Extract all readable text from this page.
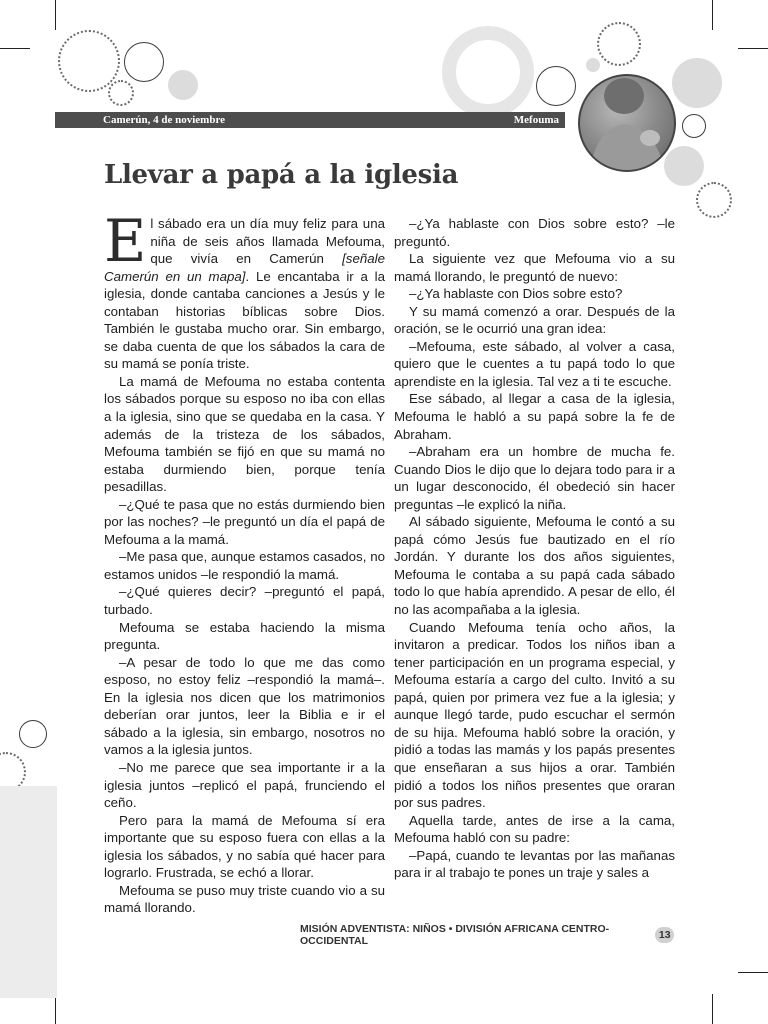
Camerún, 4 de noviembre	Mefouma
Llevar a papá a la iglesia

El sábado era un día muy feliz para una niña de seis años llamada Mefouma, que vivía en Camerún [señale Camerún en un mapa]. Le encantaba ir a la iglesia, donde cantaba canciones a Jesús y le contaban historias bíblicas sobre Dios. También le gustaba mucho orar. Sin embargo, se daba cuenta de que los sábados la cara de su mamá se ponía triste.

La mamá de Mefouma no estaba contenta los sábados porque su esposo no iba con ellas a la iglesia, sino que se quedaba en la casa. Y además de la tristeza de los sábados, Mefouma también se fijó en que su mamá no estaba durmiendo bien, porque tenía pesadillas.

–¿Qué te pasa que no estás durmiendo bien por las noches? –le preguntó un día el papá de Mefouma a la mamá.

–Me pasa que, aunque estamos casados, no estamos unidos –le respondió la mamá.

–¿Qué quieres decir? –preguntó el papá, turbado.

Mefouma se estaba haciendo la misma pregunta.

–A pesar de todo lo que me das como esposo, no estoy feliz –respondió la mamá–. En la iglesia nos dicen que los matrimonios deberían orar juntos, leer la Biblia e ir el sábado a la iglesia, sin embargo, nosotros no vamos a la iglesia juntos.

–No me parece que sea importante ir a la iglesia juntos –replicó el papá, frunciendo el ceño.

Pero para la mamá de Mefouma sí era importante que su esposo fuera con ellas a la iglesia los sábados, y no sabía qué hacer para lograrlo. Frustrada, se echó a llorar.

Mefouma se puso muy triste cuando vio a su mamá llorando.

–¿Ya hablaste con Dios sobre esto? –le preguntó.

La siguiente vez que Mefouma vio a su mamá llorando, le preguntó de nuevo:

–¿Ya hablaste con Dios sobre esto?

Y su mamá comenzó a orar. Después de la oración, se le ocurrió una gran idea:

–Mefouma, este sábado, al volver a casa, quiero que le cuentes a tu papá todo lo que aprendiste en la iglesia. Tal vez a ti te escuche.

Ese sábado, al llegar a casa de la iglesia, Mefouma le habló a su papá sobre la fe de Abraham.

–Abraham era un hombre de mucha fe. Cuando Dios le dijo que lo dejara todo para ir a un lugar desconocido, él obedeció sin hacer preguntas –le explicó la niña.

Al sábado siguiente, Mefouma le contó a su papá cómo Jesús fue bautizado en el río Jordán. Y durante los dos años siguientes, Mefouma le contaba a su papá cada sábado todo lo que había aprendido. A pesar de ello, él no las acompañaba a la iglesia.

Cuando Mefouma tenía ocho años, la invitaron a predicar. Todos los niños iban a tener participación en un programa especial, y Mefouma estaría a cargo del culto. Invitó a su papá, quien por primera vez fue a la iglesia; y aunque llegó tarde, pudo escuchar el sermón de su hija. Mefouma habló sobre la oración, y pidió a todas las mamás y los papás presentes que enseñaran a sus hijos a orar. También pidió a todos los niños presentes que oraran por sus padres.

Aquella tarde, antes de irse a la cama, Mefouma habló con su padre:

–Papá, cuando te levantas por las mañanas para ir al trabajo te pones un traje y sales a

MISIÓN ADVENTISTA: NIÑOS • DIVISIÓN AFRICANA CENTRO-OCCIDENTAL	13
